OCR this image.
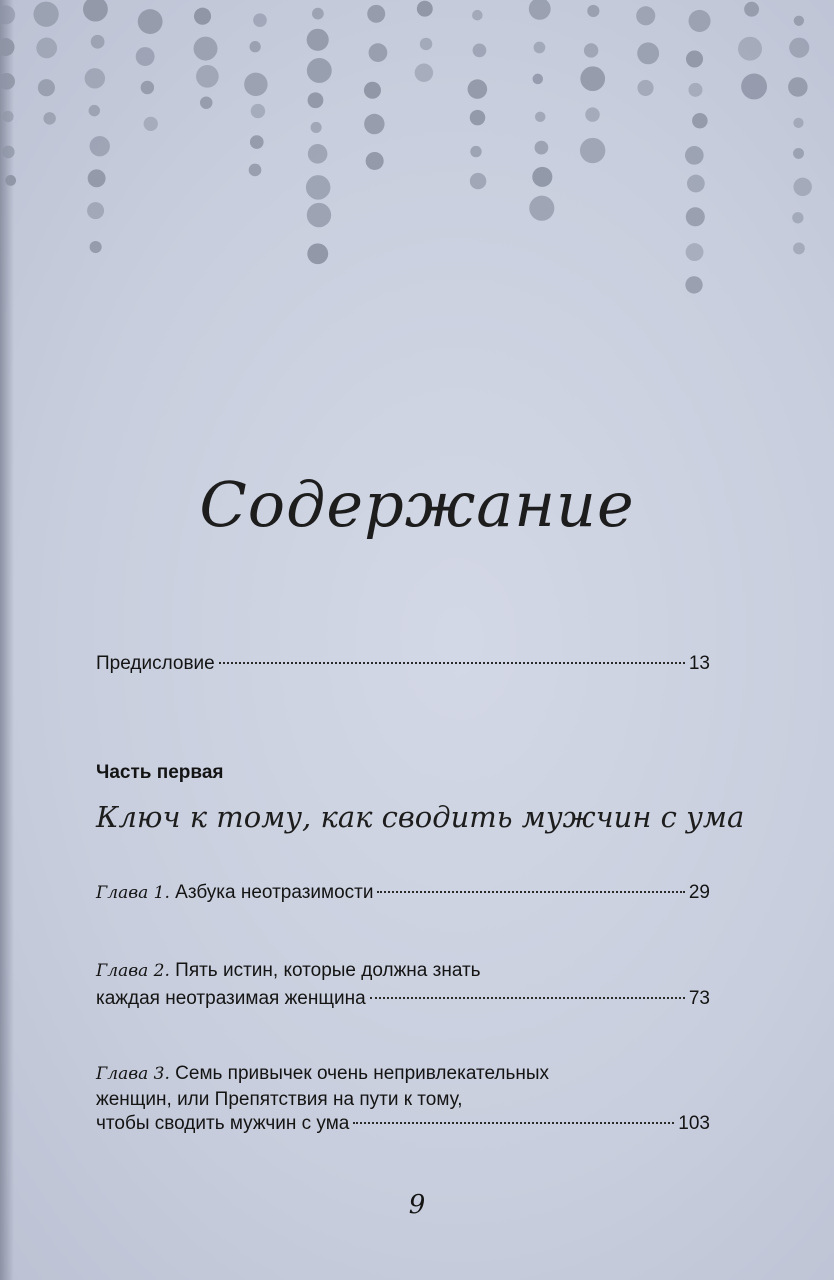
Содержание
Предисловие	13
Часть первая
Ключ к тому, как сводить мужчин с ума
Глава 1. Азбука неотразимости	29
Глава 2. Пять истин, которые должна знать
каждая неотразимая женщина	73
Глава 3. Семь привычек очень непривлекательных
женщин, или Препятствия на пути к тому,
чтобы сводить мужчин с ума	103
9
